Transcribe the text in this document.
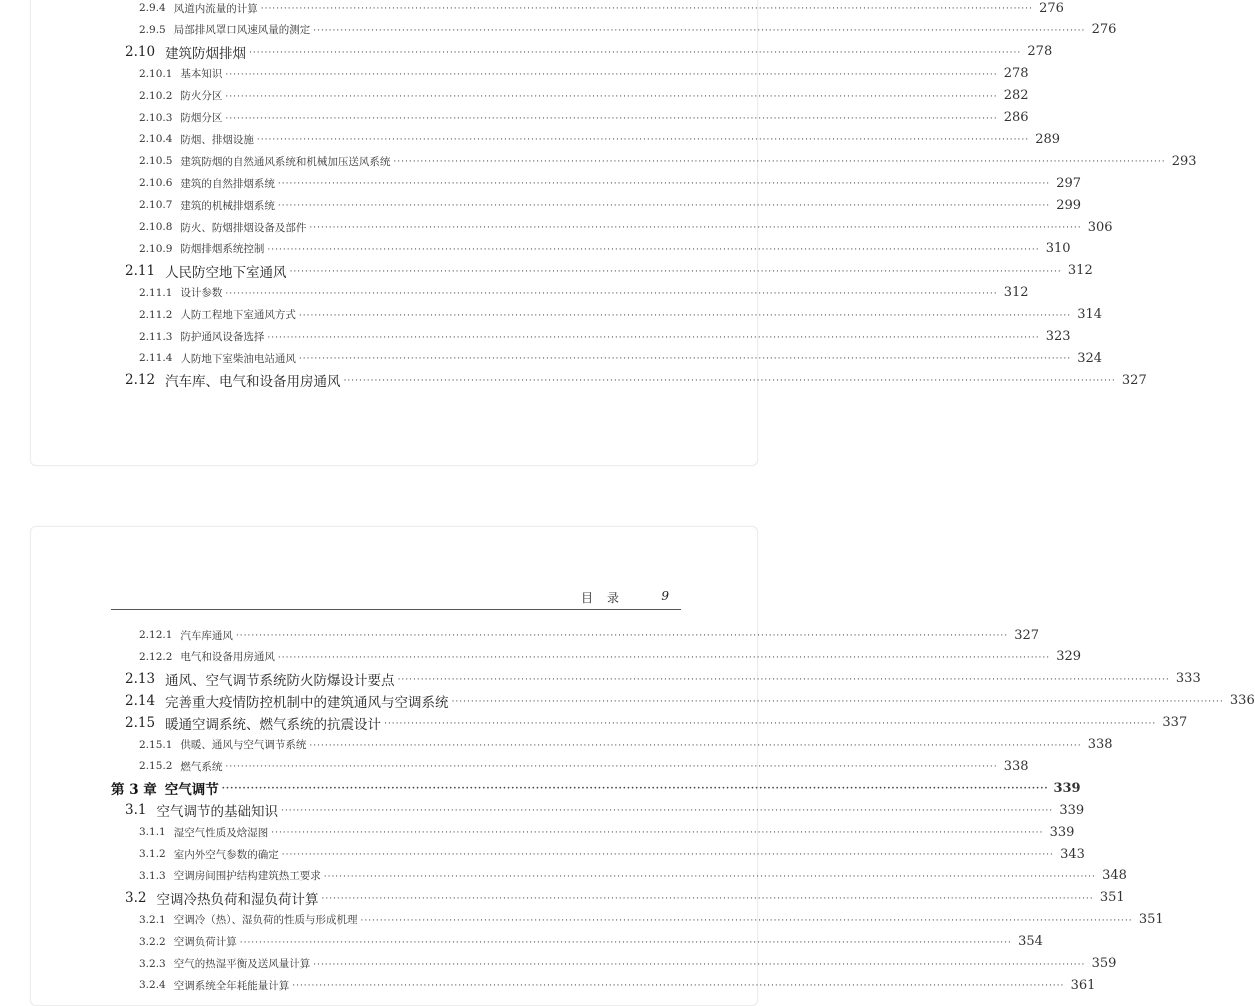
2.9.4 风道内流量的计算 ········································································································································································································ 276
2.9.5 局部排风罩口风速风量的测定 ········································································································································································································ 276
2.10 建筑防烟排烟 ········································································································································································································ 278
2.10.1 基本知识 ········································································································································································································ 278
2.10.2 防火分区 ········································································································································································································ 282
2.10.3 防烟分区 ········································································································································································································ 286
2.10.4 防烟、排烟设施 ········································································································································································································ 289
2.10.5 建筑防烟的自然通风系统和机械加压送风系统 ········································································································································································································ 293
2.10.6 建筑的自然排烟系统 ········································································································································································································ 297
2.10.7 建筑的机械排烟系统 ········································································································································································································ 299
2.10.8 防火、防烟排烟设备及部件 ········································································································································································································ 306
2.10.9 防烟排烟系统控制 ········································································································································································································ 310
2.11 人民防空地下室通风 ········································································································································································································ 312
2.11.1 设计参数 ········································································································································································································ 312
2.11.2 人防工程地下室通风方式 ········································································································································································································ 314
2.11.3 防护通风设备选择 ········································································································································································································ 323
2.11.4 人防地下室柴油电站通风 ········································································································································································································ 324
2.12 汽车库、电气和设备用房通风 ········································································································································································································ 327
目录 9
2.12.1 汽车库通风 ········································································································································································································ 327
2.12.2 电气和设备用房通风 ········································································································································································································ 329
2.13 通风、空气调节系统防火防爆设计要点 ········································································································································································································ 333
2.14 完善重大疫情防控机制中的建筑通风与空调系统 ········································································································································································································ 336
2.15 暖通空调系统、燃气系统的抗震设计 ········································································································································································································ 337
2.15.1 供暖、通风与空气调节系统 ········································································································································································································ 338
2.15.2 燃气系统 ········································································································································································································ 338
第 3 章 空气调节 ········································································································································································································ 339
3.1 空气调节的基础知识 ········································································································································································································ 339
3.1.1 湿空气性质及焓湿图 ········································································································································································································ 339
3.1.2 室内外空气参数的确定 ········································································································································································································ 343
3.1.3 空调房间围护结构建筑热工要求 ········································································································································································································ 348
3.2 空调冷热负荷和湿负荷计算 ········································································································································································································ 351
3.2.1 空调冷（热）、湿负荷的性质与形成机理 ········································································································································································································ 351
3.2.2 空调负荷计算 ········································································································································································································ 354
3.2.3 空气的热湿平衡及送风量计算 ········································································································································································································ 359
3.2.4 空调系统全年耗能量计算 ········································································································································································································ 361
